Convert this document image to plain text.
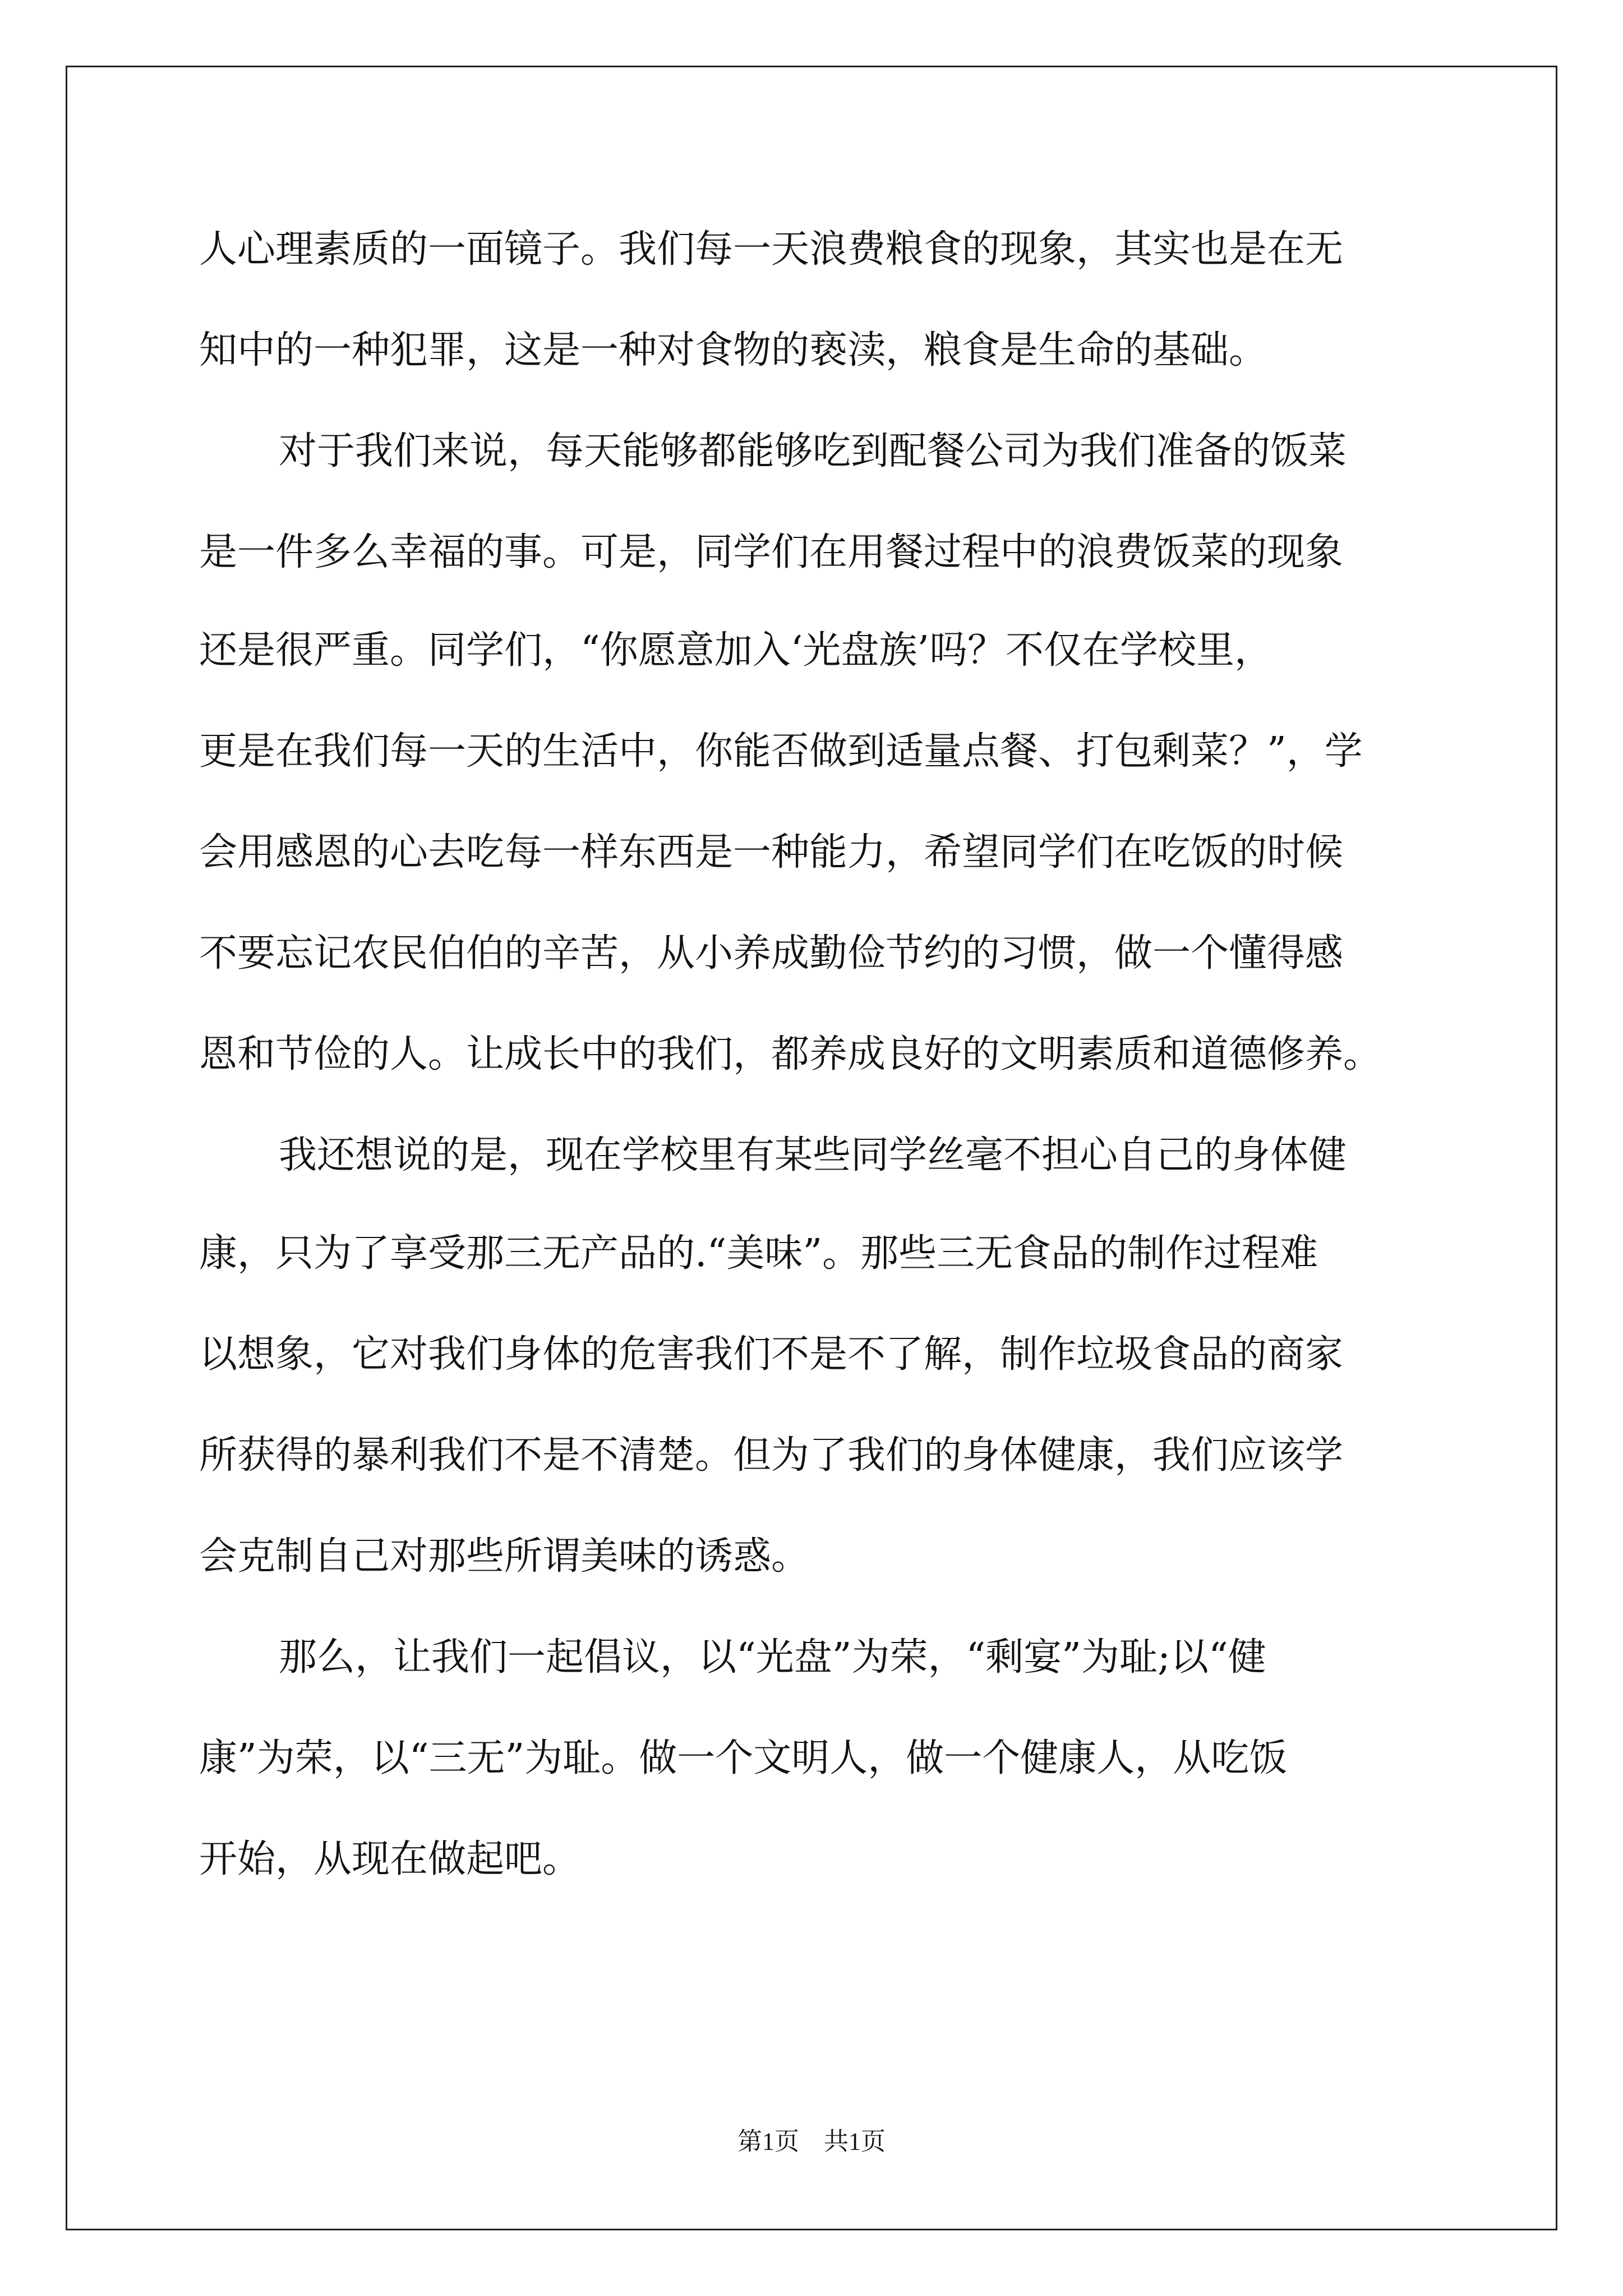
人心理素质的一面镜子。我们每一天浪费粮食的现象，其实也是在无
知中的一种犯罪，这是一种对食物的亵渎，粮食是生命的基础。
对于我们来说，每天能够都能够吃到配餐公司为我们准备的饭菜
是一件多么幸福的事。可是，同学们在用餐过程中的浪费饭菜的现象
还是很严重。同学们，“你愿意加入‘光盘族’吗？不仅在学校里，
更是在我们每一天的生活中，你能否做到适量点餐、打包剩菜？”，学
会用感恩的心去吃每一样东西是一种能力，希望同学们在吃饭的时候
不要忘记农民伯伯的辛苦，从小养成勤俭节约的习惯，做一个懂得感
恩和节俭的人。让成长中的我们，都养成良好的文明素质和道德修养。
我还想说的是，现在学校里有某些同学丝毫不担心自己的身体健
康，只为了享受那三无产品的.“美味”。那些三无食品的制作过程难
以想象，它对我们身体的危害我们不是不了解，制作垃圾食品的商家
所获得的暴利我们不是不清楚。但为了我们的身体健康，我们应该学
会克制自己对那些所谓美味的诱惑。
那么，让我们一起倡议，以“光盘”为荣，“剩宴”为耻;以“健
康”为荣，以“三无”为耻。做一个文明人，做一个健康人，从吃饭
开始，从现在做起吧。
第1页　共1页
